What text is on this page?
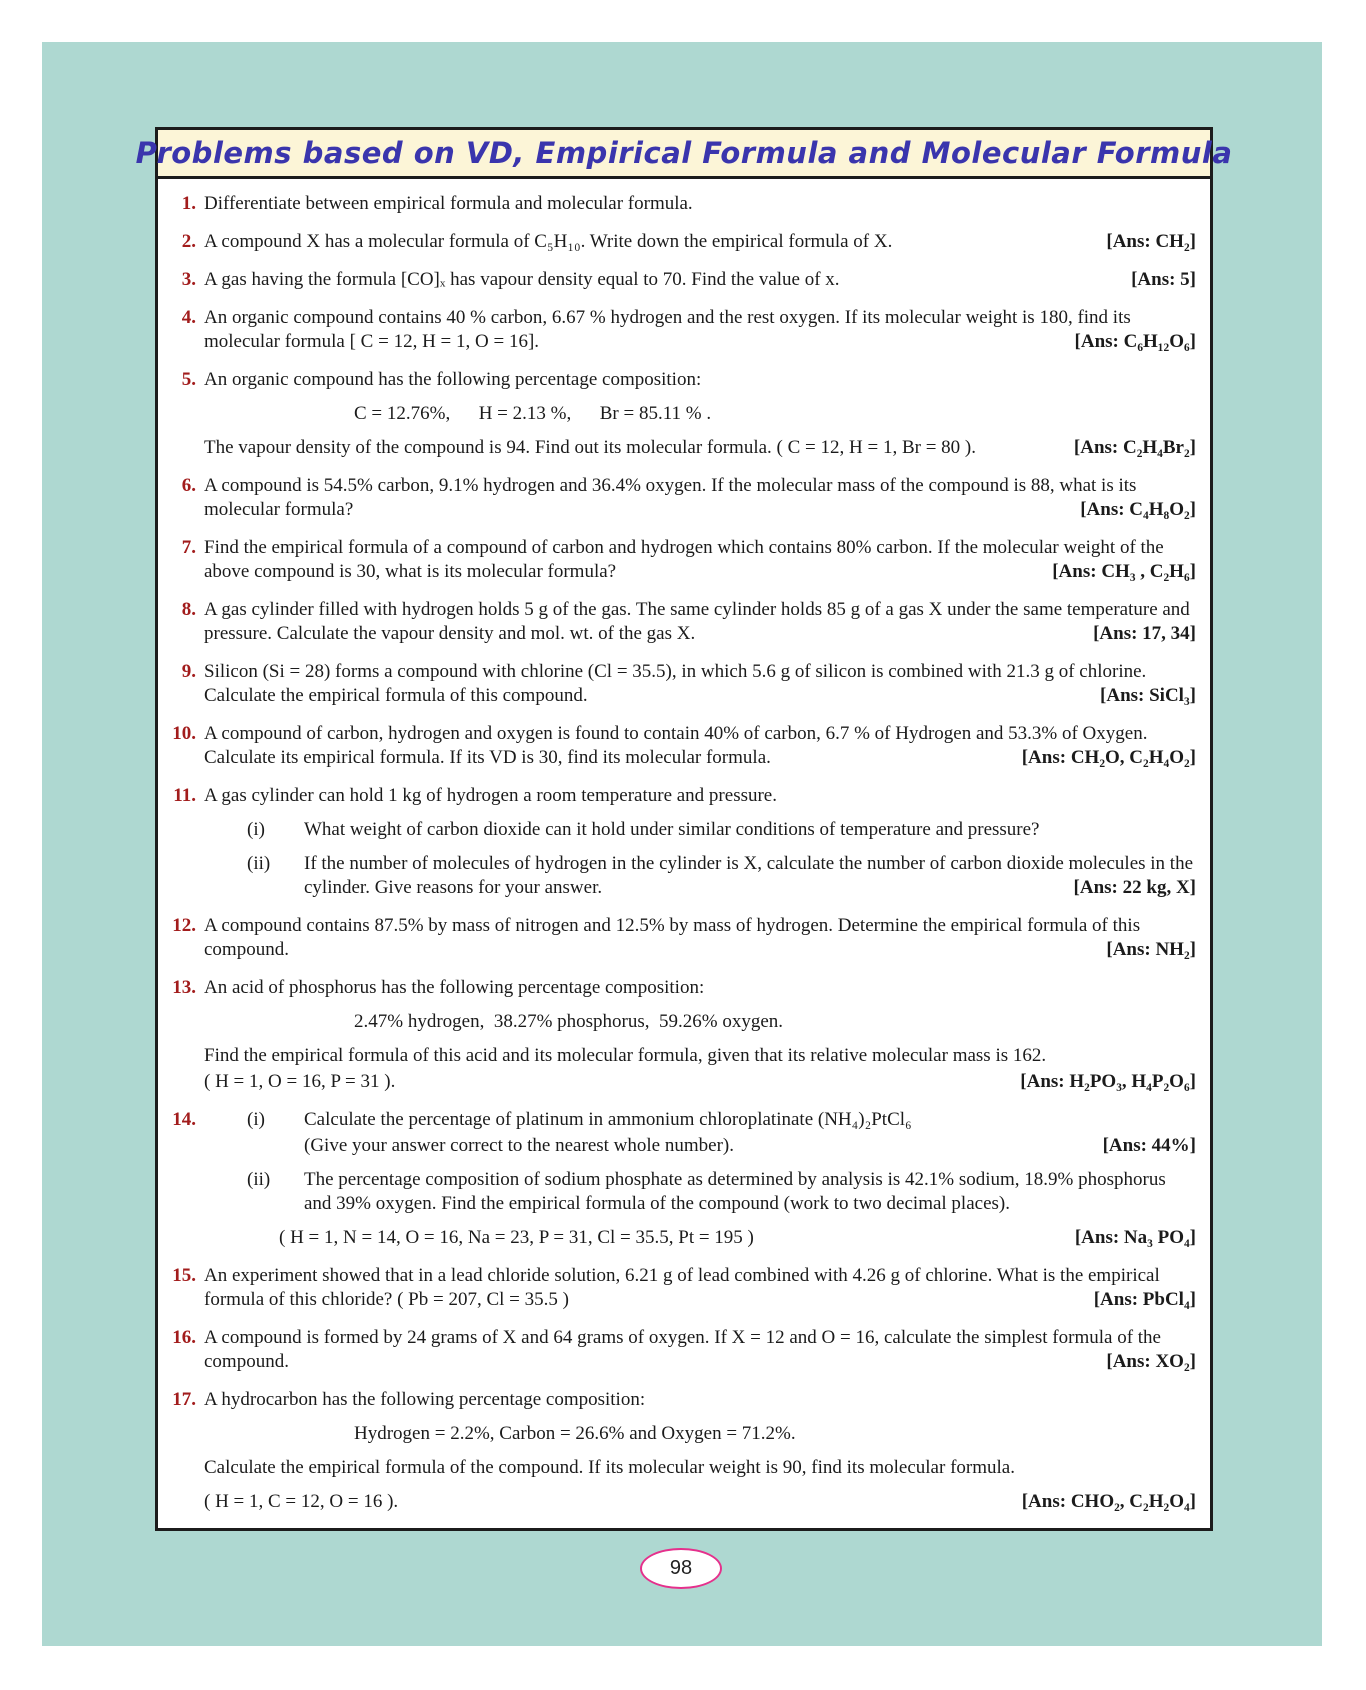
Problems based on VD, Empirical Formula and Molecular Formula
1. Differentiate between empirical formula and molecular formula.
2. A compound X has a molecular formula of C₅H₁₀. Write down the empirical formula of X.	[Ans: CH₂]
3. A gas having the formula [CO]ₓ has vapour density equal to 70. Find the value of x.	[Ans: 5]
4. An organic compound contains 40 % carbon, 6.67 % hydrogen and the rest oxygen. If its molecular weight is 180, find its molecular formula [ C = 12, H = 1, O = 16].	[Ans: C₆H₁₂O₆]
5. An organic compound has the following percentage composition:
C = 12.76%,      H = 2.13 %,      Br = 85.11 % .
The vapour density of the compound is 94. Find out its molecular formula. ( C = 12, H = 1, Br = 80 ).	[Ans: C₂H₄Br₂]
6. A compound is 54.5% carbon, 9.1% hydrogen and 36.4% oxygen. If the molecular mass of the compound is 88, what is its molecular formula?	[Ans: C₄H₈O₂]
7. Find the empirical formula of a compound of carbon and hydrogen which contains 80% carbon. If the molecular weight of the above compound is 30, what is its molecular formula?	[Ans: CH₃ , C₂H₆]
8. A gas cylinder filled with hydrogen holds 5 g of the gas. The same cylinder holds 85 g of a gas X under the same temperature and pressure. Calculate the vapour density and mol. wt. of the gas X.	[Ans: 17, 34]
9. Silicon (Si = 28) forms a compound with chlorine (Cl = 35.5), in which 5.6 g of silicon is combined with 21.3 g of chlorine. Calculate the empirical formula of this compound.	[Ans: SiCl₃]
10. A compound of carbon, hydrogen and oxygen is found to contain 40% of carbon, 6.7 % of Hydrogen and 53.3% of Oxygen. Calculate its empirical formula. If its VD is 30, find its molecular formula.	[Ans: CH₂O, C₂H₄O₂]
11. A gas cylinder can hold 1 kg of hydrogen a room temperature and pressure.
(i)	What weight of carbon dioxide can it hold under similar conditions of temperature and pressure?
(ii)	If the number of molecules of hydrogen in the cylinder is X, calculate the number of carbon dioxide molecules in the cylinder. Give reasons for your answer.	[Ans: 22 kg, X]
12. A compound contains 87.5% by mass of nitrogen and 12.5% by mass of hydrogen. Determine the empirical formula of this compound.	[Ans: NH₂]
13. An acid of phosphorus has the following percentage composition:
2.47% hydrogen,  38.27% phosphorus,  59.26% oxygen.
Find the empirical formula of this acid and its molecular formula, given that its relative molecular mass is 162.
( H = 1, O = 16, P = 31 ).	[Ans: H₂PO₃, H₄P₂O₆]
14.	(i)	Calculate the percentage of platinum in ammonium chloroplatinate (NH₄)₂PtCl₆
(Give your answer correct to the nearest whole number).	[Ans: 44%]
(ii)	The percentage composition of sodium phosphate as determined by analysis is 42.1% sodium, 18.9% phosphorus and 39% oxygen. Find the empirical formula of the compound (work to two decimal places).
( H = 1, N = 14, O = 16, Na = 23, P = 31, Cl = 35.5, Pt = 195 )	[Ans: Na₃ PO₄]
15. An experiment showed that in a lead chloride solution, 6.21 g of lead combined with 4.26 g of chlorine. What is the empirical formula of this chloride? ( Pb = 207, Cl = 35.5 )	[Ans: PbCl₄]
16. A compound is formed by 24 grams of X and 64 grams of oxygen. If X = 12 and O = 16, calculate the simplest formula of the compound.	[Ans: XO₂]
17. A hydrocarbon has the following percentage composition:
Hydrogen = 2.2%, Carbon = 26.6% and Oxygen = 71.2%.
Calculate the empirical formula of the compound. If its molecular weight is 90, find its molecular formula.
( H = 1, C = 12, O = 16 ).	[Ans: CHO₂, C₂H₂O₄]
98
